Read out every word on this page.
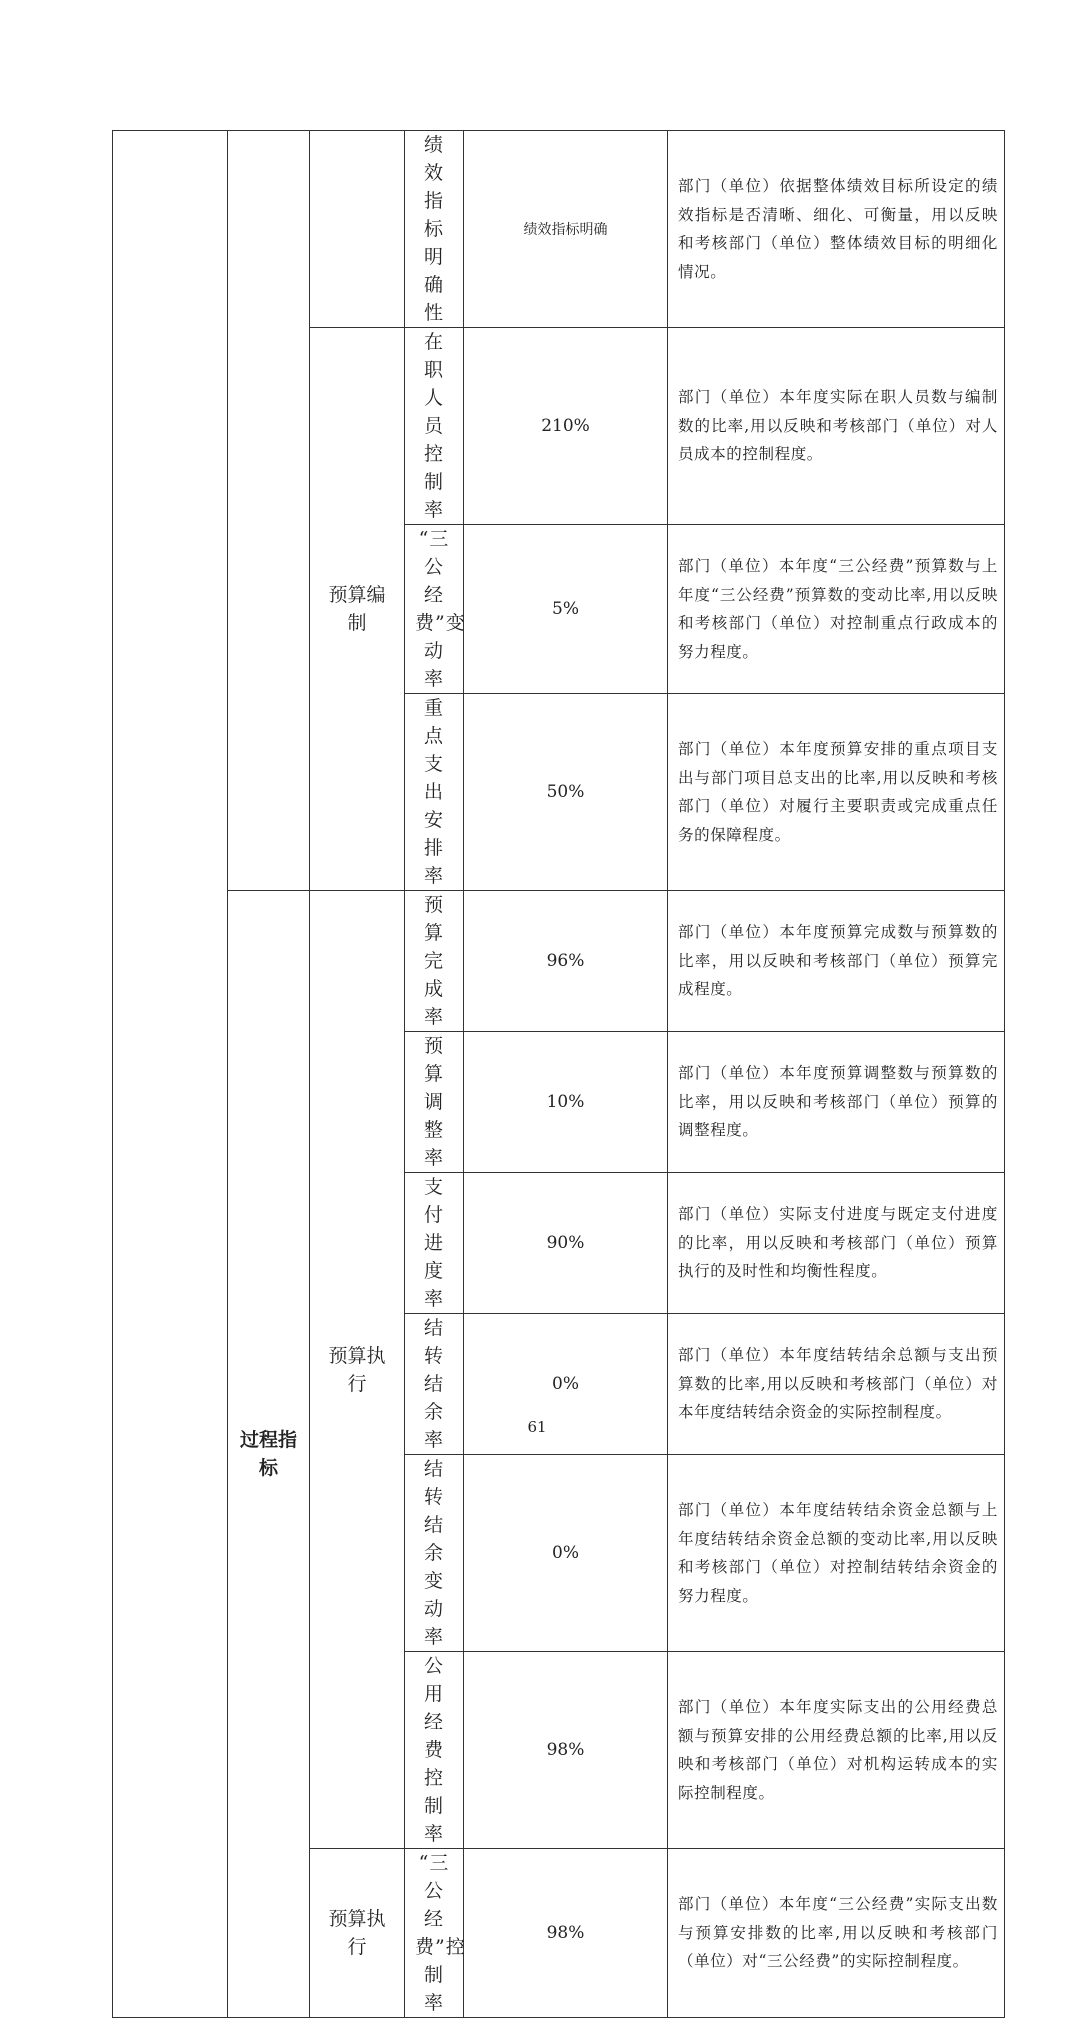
			绩效指标明确性	绩效指标明确	部门（单位）依据整体绩效目标所设定的绩效指标是否清晰、细化、可衡量，用以反映和考核部门（单位）整体绩效目标的明细化情况。

		预算编制	在职人员控制率	210%	部门（单位）本年度实际在职人员数与编制数的比率,用以反映和考核部门（单位）对人员成本的控制程度。

			“三公经费”变动率	5%	部门（单位）本年度“三公经费”预算数与上年度“三公经费”预算数的变动比率,用以反映和考核部门（单位）对控制重点行政成本的努力程度。

			重点支出安排率	50%	部门（单位）本年度预算安排的重点项目支出与部门项目总支出的比率,用以反映和考核部门（单位）对履行主要职责或完成重点任务的保障程度。

	过程指标	预算执行	预算完成率	96%	部门（单位）本年度预算完成数与预算数的比率，用以反映和考核部门（单位）预算完成程度。

			预算调整率	10%	部门（单位）本年度预算调整数与预算数的比率，用以反映和考核部门（单位）预算的调整程度。

			支付进度率	90%	部门（单位）实际支付进度与既定支付进度的比率，用以反映和考核部门（单位）预算执行的及时性和均衡性程度。

			结转结余率	0%	部门（单位）本年度结转结余总额与支出预算数的比率,用以反映和考核部门（单位）对本年度结转结余资金的实际控制程度。

			结转结余变动率	0%	部门（单位）本年度结转结余资金总额与上年度结转结余资金总额的变动比率,用以反映和考核部门（单位）对控制结转结余资金的努力程度。

			公用经费控制率	98%	部门（单位）本年度实际支出的公用经费总额与预算安排的公用经费总额的比率,用以反映和考核部门（单位）对机构运转成本的实际控制程度。

		预算执行	“三公经费”控制率	98%	部门（单位）本年度“三公经费”实际支出数与预算安排数的比率,用以反映和考核部门（单位）对“三公经费”的实际控制程度。
61
